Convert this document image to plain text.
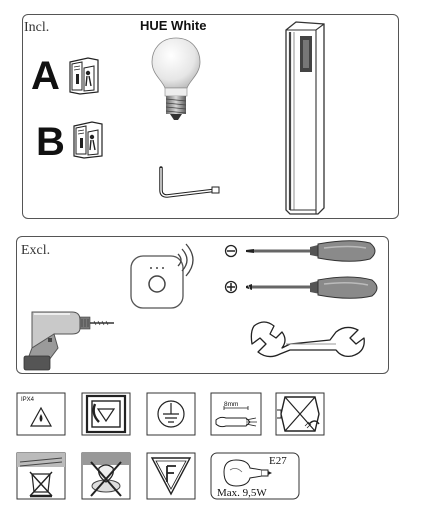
Incl.
A
B
HUE White
Excl.
IPX4
8mm
E27
Max. 9,5W
